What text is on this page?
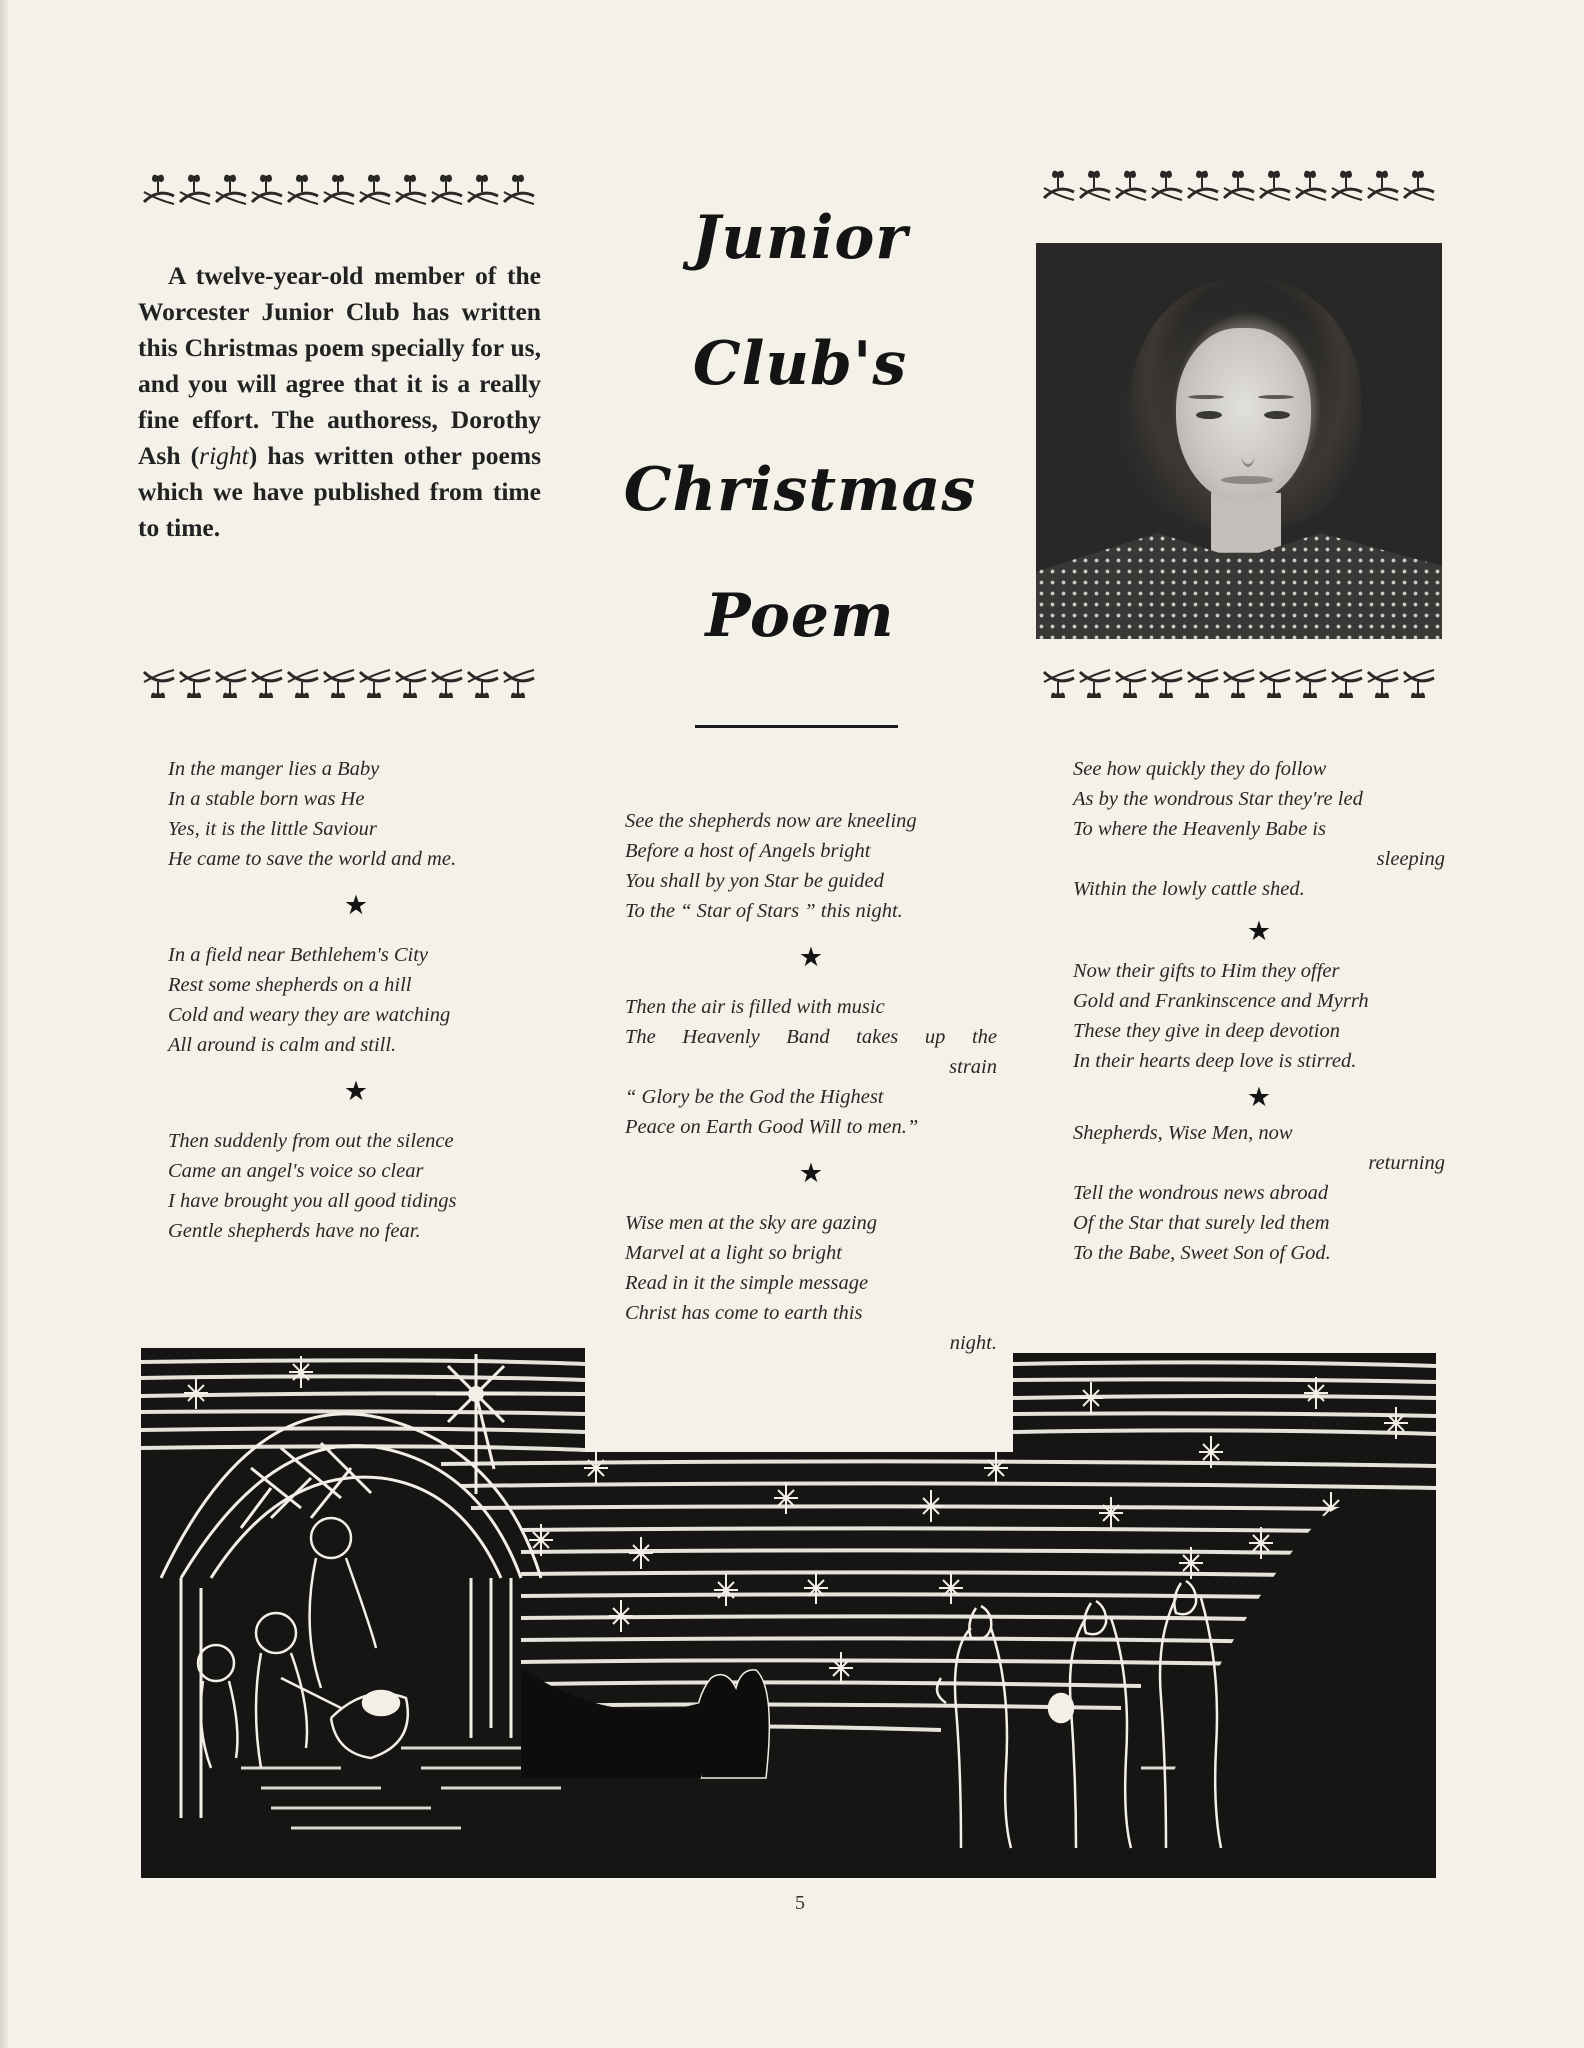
A twelve-year-old member of the Worcester Junior Club has written this Christmas poem specially for us, and you will agree that it is a really fine effort. The authoress, Dorothy Ash (right) has written other poems which we have published from time to time.
Junior
Club's
Christmas
Poem
In the manger lies a Baby
In a stable born was He
Yes, it is the little Saviour
He came to save the world and me.
★
In a field near Bethlehem's City
Rest some shepherds on a hill
Cold and weary they are watching
All around is calm and still.
★
Then suddenly from out the silence
Came an angel's voice so clear
I have brought you all good tidings
Gentle shepherds have no fear.
See the shepherds now are kneeling
Before a host of Angels bright
You shall by yon Star be guided
To the “ Star of Stars ” this night.
★
Then the air is filled with music
The Heavenly Band takes up the
strain
“ Glory be the God the Highest
Peace on Earth Good Will to men.”
★
Wise men at the sky are gazing
Marvel at a light so bright
Read in it the simple message
Christ has come to earth this
night.
See how quickly they do follow
As by the wondrous Star they're led
To where the Heavenly Babe is
sleeping
Within the lowly cattle shed.
★
Now their gifts to Him they offer
Gold and Frankinscence and Myrrh
These they give in deep devotion
In their hearts deep love is stirred.
★
Shepherds, Wise Men, now
returning
Tell the wondrous news abroad
Of the Star that surely led them
To the Babe, Sweet Son of God.
5
